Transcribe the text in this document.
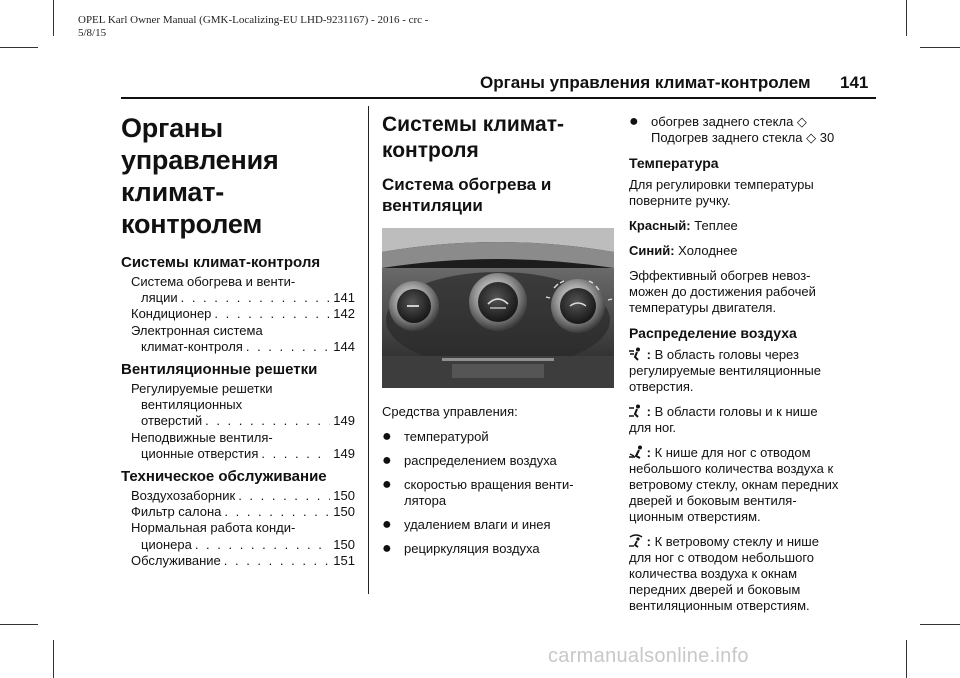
OPEL Karl Owner Manual (GMK-Localizing-EU LHD-9231167) - 2016 - crc -
5/8/15
Органы управления климат-контролем 141
Органы
управления
климат-контролем
Системы климат-контроля
Система обогрева и венти-
ляции . . .	141
Кондиционер . . .	142
Электронная система
климат-контроля . . .	144
Вентиляционные решетки
Регулируемые решетки
вентиляционных
отверстий . . .	149
Неподвижные вентиля-
ционные отверстия . . .	149
Техническое обслуживание
Воздухозаборник . . .	150
Фильтр салона . . .	150
Нормальная работа конди-
ционера . . .	150
Обслуживание . . .	151
Системы климат-
контроля
Система обогрева и
вентиляции
Средства управления:
● температурой
● распределением воздуха
● скоростью вращения венти-
лятора
● удалением влаги и инея
● рециркуляция воздуха
● обогрев заднего стекла ◇
Подогрев заднего стекла ◇ 30
Температура
Для регулировки температуры поверните ручку.
Красный: Теплее
Синий: Холоднее
Эффективный обогрев невоз-
можен до достижения рабочей
температуры двигателя.
Распределение воздуха
: В область головы через
регулируемые вентиляционные
отверстия.
: В области головы и к нише
для ног.
: К нише для ног с отводом
небольшого количества воздуха к
ветровому стеклу, окнам передних
дверей и боковым вентиля-
ционным отверстиям.
: К ветровому стеклу и нише
для ног с отводом небольшого
количества воздуха к окнам
передних дверей и боковым
вентиляционным отверстиям.
carmanualsonline.info
